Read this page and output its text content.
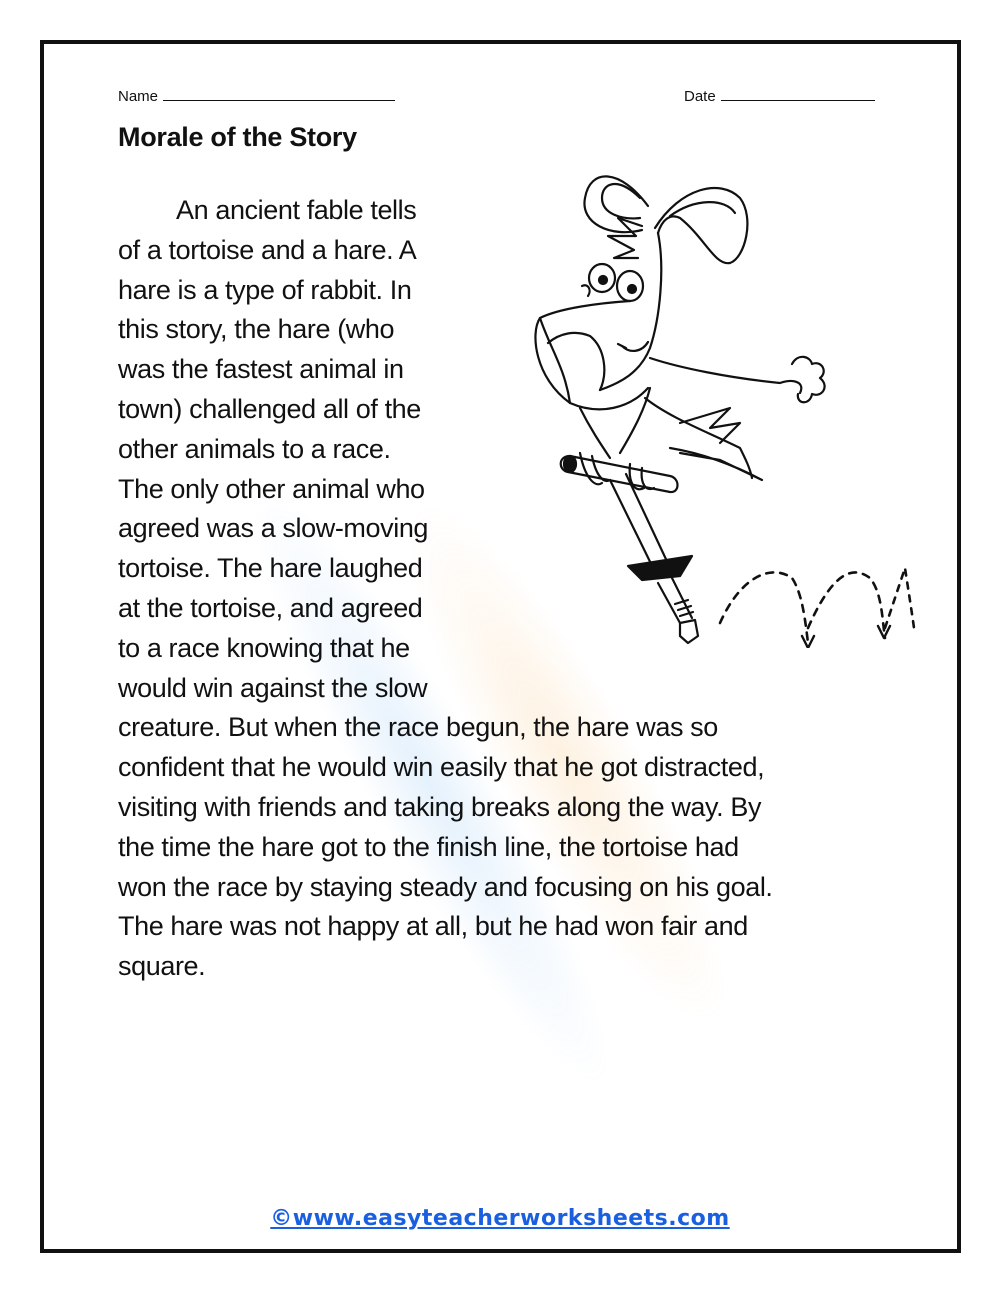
Name	Date
Morale of the Story
An ancient fable tells
of a tortoise and a hare. A
hare is a type of rabbit. In
this story, the hare (who
was the fastest animal in
town) challenged all of the
other animals to a race.
The only other animal who
agreed was a slow-moving
tortoise. The hare laughed
at the tortoise, and agreed
to a race knowing that he
would win against the slow
creature. But when the race begun, the hare was so
confident that he would win easily that he got distracted,
visiting with friends and taking breaks along the way. By
the time the hare got to the finish line, the tortoise had
won the race by staying steady and focusing on his goal.
The hare was not happy at all, but he had won fair and
square.
©www.easyteacherworksheets.com
